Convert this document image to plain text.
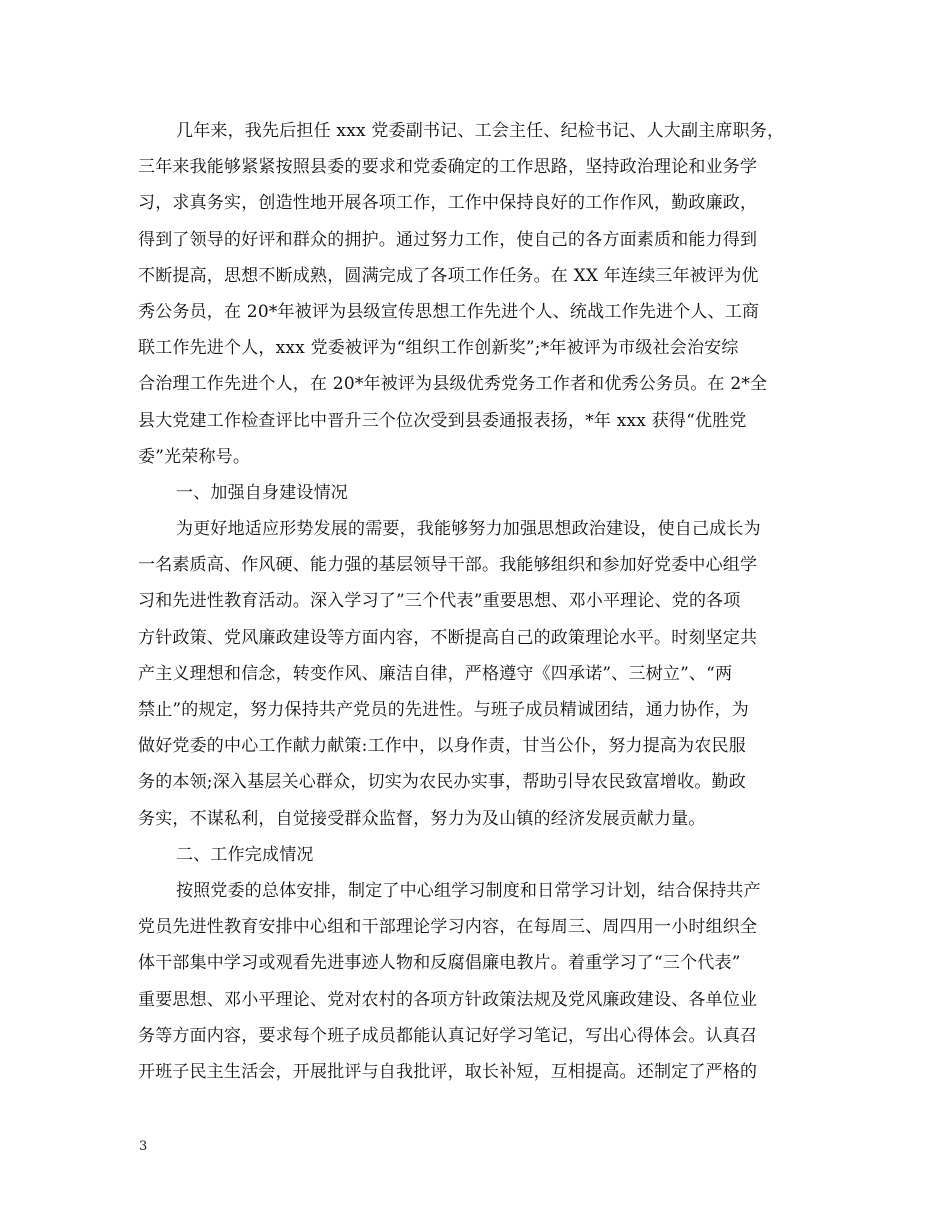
几年来，我先后担任 xxx 党委副书记、工会主任、纪检书记、人大副主席职务，
三年来我能够紧紧按照县委的要求和党委确定的工作思路，坚持政治理论和业务学
习，求真务实，创造性地开展各项工作，工作中保持良好的工作作风，勤政廉政，
得到了领导的好评和群众的拥护。通过努力工作，使自己的各方面素质和能力得到
不断提高，思想不断成熟，圆满完成了各项工作任务。在 XX 年连续三年被评为优
秀公务员，在 20*年被评为县级宣传思想工作先进个人、统战工作先进个人、工商
联工作先进个人，xxx 党委被评为“组织工作创新奖”;*年被评为市级社会治安综
合治理工作先进个人，在 20*年被评为县级优秀党务工作者和优秀公务员。在 2*全
县大党建工作检查评比中晋升三个位次受到县委通报表扬，*年 xxx 获得“优胜党
委”光荣称号。
一、加强自身建设情况
为更好地适应形势发展的需要，我能够努力加强思想政治建设，使自己成长为
一名素质高、作风硬、能力强的基层领导干部。我能够组织和参加好党委中心组学
习和先进性教育活动。深入学习了”三个代表”重要思想、邓小平理论、党的各项
方针政策、党风廉政建设等方面内容，不断提高自己的政策理论水平。时刻坚定共
产主义理想和信念，转变作风、廉洁自律，严格遵守《四承诺”、三树立”、“两
禁止”的规定，努力保持共产党员的先进性。与班子成员精诚团结，通力协作，为
做好党委的中心工作献力献策:工作中，以身作责，甘当公仆，努力提高为农民服
务的本领;深入基层关心群众，切实为农民办实事，帮助引导农民致富增收。勤政
务实，不谋私利，自觉接受群众监督，努力为及山镇的经济发展贡献力量。
二、工作完成情况
按照党委的总体安排，制定了中心组学习制度和日常学习计划，结合保持共产
党员先进性教育安排中心组和干部理论学习内容，在每周三、周四用一小时组织全
体干部集中学习或观看先进事迹人物和反腐倡廉电教片。着重学习了“三个代表”
重要思想、邓小平理论、党对农村的各项方针政策法规及党风廉政建设、各单位业
务等方面内容，要求每个班子成员都能认真记好学习笔记，写出心得体会。认真召
开班子民主生活会，开展批评与自我批评，取长补短，互相提高。还制定了严格的
3
